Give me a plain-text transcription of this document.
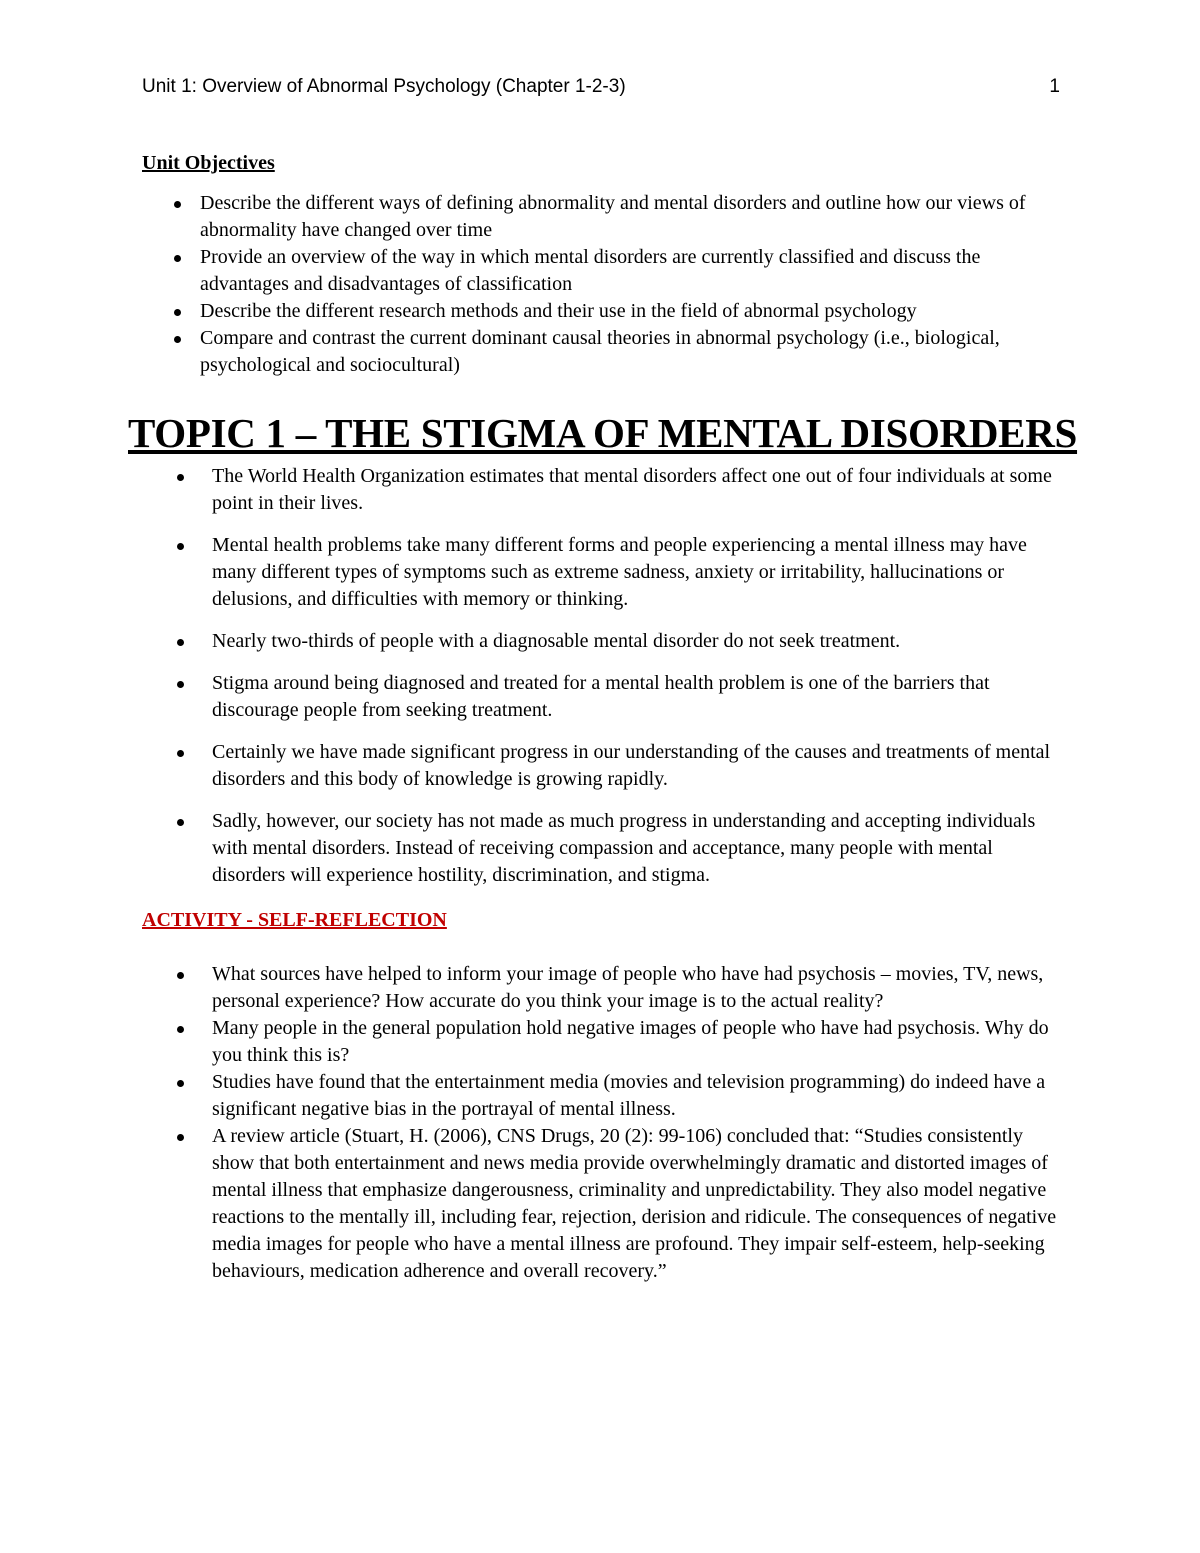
Unit 1: Overview of Abnormal Psychology (Chapter 1-2-3)	1
Unit Objectives
Describe the different ways of defining abnormality and mental disorders and outline how our views of abnormality have changed over time
Provide an overview of the way in which mental disorders are currently classified and discuss the advantages and disadvantages of classification
Describe the different research methods and their use in the field of abnormal psychology
Compare and contrast the current dominant causal theories in abnormal psychology (i.e., biological, psychological and sociocultural)
TOPIC 1 – THE STIGMA OF MENTAL DISORDERS
The World Health Organization estimates that mental disorders affect one out of four individuals at some point in their lives.
Mental health problems take many different forms and people experiencing a mental illness may have many different types of symptoms such as extreme sadness, anxiety or irritability, hallucinations or delusions, and difficulties with memory or thinking.
Nearly two-thirds of people with a diagnosable mental disorder do not seek treatment.
Stigma around being diagnosed and treated for a mental health problem is one of the barriers that discourage people from seeking treatment.
Certainly we have made significant progress in our understanding of the causes and treatments of mental disorders and this body of knowledge is growing rapidly.
Sadly, however, our society has not made as much progress in understanding and accepting individuals with mental disorders. Instead of receiving compassion and acceptance, many people with mental disorders will experience hostility, discrimination, and stigma.
ACTIVITY - SELF-REFLECTION
What sources have helped to inform your image of people who have had psychosis – movies, TV, news, personal experience? How accurate do you think your image is to the actual reality?
Many people in the general population hold negative images of people who have had psychosis. Why do you think this is?
Studies have found that the entertainment media (movies and television programming) do indeed have a significant negative bias in the portrayal of mental illness.
A review article (Stuart, H. (2006), CNS Drugs, 20 (2): 99-106) concluded that: “Studies consistently show that both entertainment and news media provide overwhelmingly dramatic and distorted images of mental illness that emphasize dangerousness, criminality and unpredictability. They also model negative reactions to the mentally ill, including fear, rejection, derision and ridicule. The consequences of negative media images for people who have a mental illness are profound. They impair self-esteem, help-seeking behaviours, medication adherence and overall recovery.”
